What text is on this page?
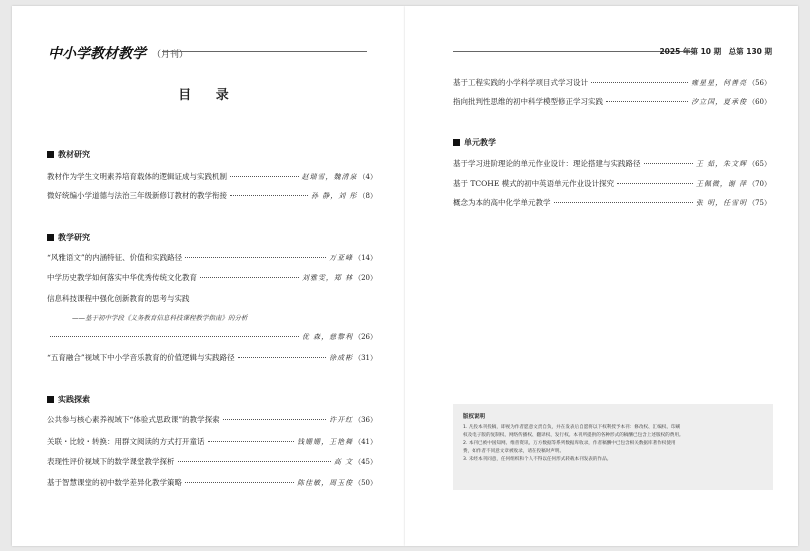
中小学教材教学 （月刊）
目 录
教材研究
教材作为学生文明素养培育载体的逻辑证成与实践机制	赵瑞雪，魏清泉 （4）
微好统编小学道德与法治三年级新修订教材的教学衔接	孙 静，刘 彤 （8）
教学研究
“风雅语文”的内涵特征、价值和实践路径	万亚峰 （14）
中学历史教学如何落实中华优秀传统文化教育	刘雅雯，郑 林 （20）
信息科技课程中强化创新教育的思考与实践
——基于初中学段《义务教育信息科技课程教学指南》的分析
优 森，慈黎利 （26）
“五育融合”视域下中小学音乐教育的价值逻辑与实践路径	徐成彬 （31）
实践探索
公共参与核心素养视域下“体验式思政课”的教学探索	许开红 （36）
关联・比较・转换：用群文阅读的方式打开童话	钱姗姗，王艳舞 （41）
表现性评价视域下的数学课堂教学探析	高 文 （45）
基于智慧课堂的初中数学差异化教学策略	陈佳敏，周玉俊 （50）
2025 年第 10 期　总第 130 期
基于工程实践的小学科学项目式学习设计	雍星星，何善亮 （56）
指向批判性思维的初中科学模型修正学习实践	汐立国，夏承俊 （60）
单元教学
基于学习进阶理论的单元作业设计：理论搭建与实践路径	王 茹，朱文辉 （65）
基于 TCOHE 模式的初中英语单元作业设计探究	王佩微，谢 萍 （70）
概念为本的高中化学单元教学	张 明，任雪明 （75）
版权说明
1. 凡投本刊投稿，即视为作者愿意文责自负，并在发表后自愿将以下权利授予本刊：修改权、汇编权、印刷
权及电子版的复制权、网络传播权、翻译权、发行权。本刊所提供的各种形式的稿酬已包含上述版权的费用。
2. 本刊已被中国知网、维普资讯、万方数据等系列数据库收录，作者稿酬中已包含相关数据库著作权使用
费，如作者不同意文章被收录，请在投稿时声明。
3. 未经本刊同意，任何组织和个人不得以任何形式转载本刊发表的作品。
